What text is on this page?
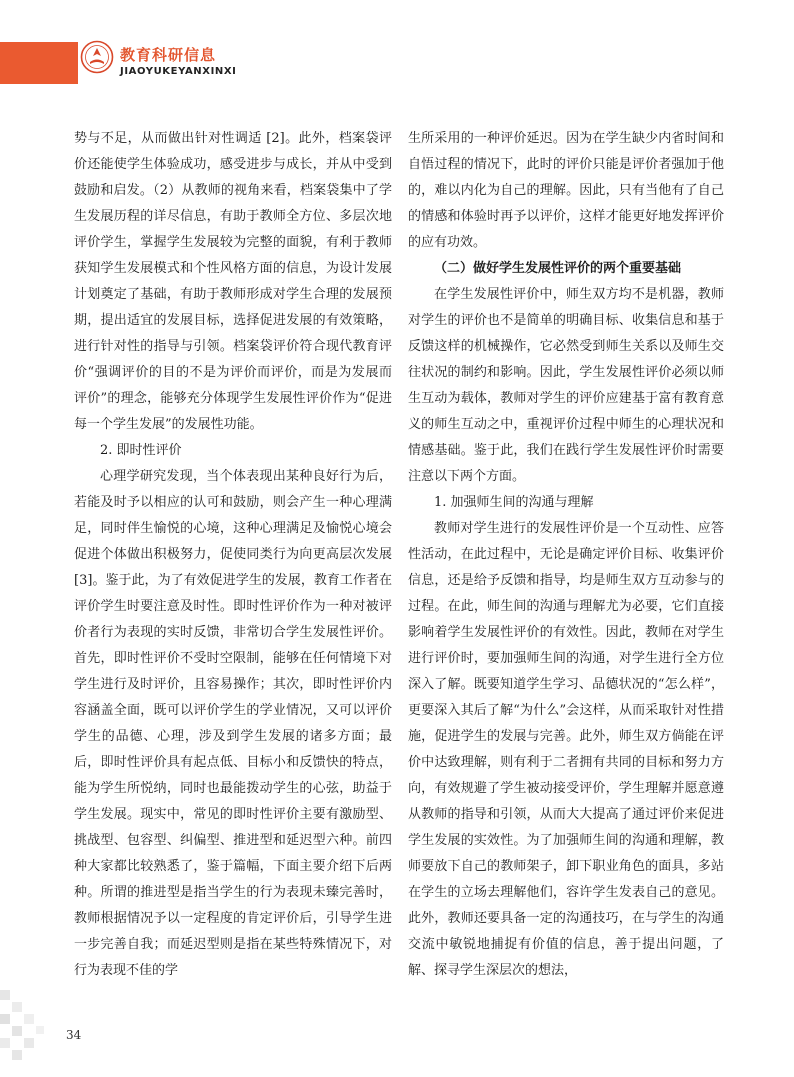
教育科研信息
JIAOYUKEYANXINXI

势与不足，从而做出针对性调适 [2]。此外，档案袋评价还能使学生体验成功，感受进步与成长，并从中受到鼓励和启发。（2）从教师的视角来看，档案袋集中了学生发展历程的详尽信息，有助于教师全方位、多层次地评价学生，掌握学生发展较为完整的面貌，有利于教师获知学生发展模式和个性风格方面的信息，为设计发展计划奠定了基础，有助于教师形成对学生合理的发展预期，提出适宜的发展目标，选择促进发展的有效策略，进行针对性的指导与引领。档案袋评价符合现代教育评价“强调评价的目的不是为评价而评价，而是为发展而评价”的理念，能够充分体现学生发展性评价作为“促进每一个学生发展”的发展性功能。

2. 即时性评价

心理学研究发现，当个体表现出某种良好行为后，若能及时予以相应的认可和鼓励，则会产生一种心理满足，同时伴生愉悦的心境，这种心理满足及愉悦心境会促进个体做出积极努力，促使同类行为向更高层次发展 [3]。鉴于此，为了有效促进学生的发展，教育工作者在评价学生时要注意及时性。即时性评价作为一种对被评价者行为表现的实时反馈，非常切合学生发展性评价。首先，即时性评价不受时空限制，能够在任何情境下对学生进行及时评价，且容易操作；其次，即时性评价内容涵盖全面，既可以评价学生的学业情况，又可以评价学生的品德、心理，涉及到学生发展的诸多方面；最后，即时性评价具有起点低、目标小和反馈快的特点，能为学生所悦纳，同时也最能拨动学生的心弦，助益于学生发展。现实中，常见的即时性评价主要有激励型、挑战型、包容型、纠偏型、推进型和延迟型六种。前四种大家都比较熟悉了，鉴于篇幅，下面主要介绍下后两种。所谓的推进型是指当学生的行为表现未臻完善时，教师根据情况予以一定程度的肯定评价后，引导学生进一步完善自我；而延迟型则是指在某些特殊情况下，对行为表现不佳的学

生所采用的一种评价延迟。因为在学生缺少内省时间和自悟过程的情况下，此时的评价只能是评价者强加于他的，难以内化为自己的理解。因此，只有当他有了自己的情感和体验时再予以评价，这样才能更好地发挥评价的应有功效。

（二）做好学生发展性评价的两个重要基础

在学生发展性评价中，师生双方均不是机器，教师对学生的评价也不是简单的明确目标、收集信息和基于反馈这样的机械操作，它必然受到师生关系以及师生交往状况的制约和影响。因此，学生发展性评价必须以师生互动为载体，教师对学生的评价应建基于富有教育意义的师生互动之中，重视评价过程中师生的心理状况和情感基础。鉴于此，我们在践行学生发展性评价时需要注意以下两个方面。

1. 加强师生间的沟通与理解

教师对学生进行的发展性评价是一个互动性、应答性活动，在此过程中，无论是确定评价目标、收集评价信息，还是给予反馈和指导，均是师生双方互动参与的过程。在此，师生间的沟通与理解尤为必要，它们直接影响着学生发展性评价的有效性。因此，教师在对学生进行评价时，要加强师生间的沟通，对学生进行全方位深入了解。既要知道学生学习、品德状况的“怎么样”，更要深入其后了解“为什么”会这样，从而采取针对性措施，促进学生的发展与完善。此外，师生双方倘能在评价中达致理解，则有利于二者拥有共同的目标和努力方向，有效规避了学生被动接受评价，学生理解并愿意遵从教师的指导和引领，从而大大提高了通过评价来促进学生发展的实效性。为了加强师生间的沟通和理解，教师要放下自己的教师架子，卸下职业角色的面具，多站在学生的立场去理解他们，容许学生发表自己的意见。此外，教师还要具备一定的沟通技巧，在与学生的沟通交流中敏锐地捕捉有价值的信息，善于提出问题，了解、探寻学生深层次的想法，

34
